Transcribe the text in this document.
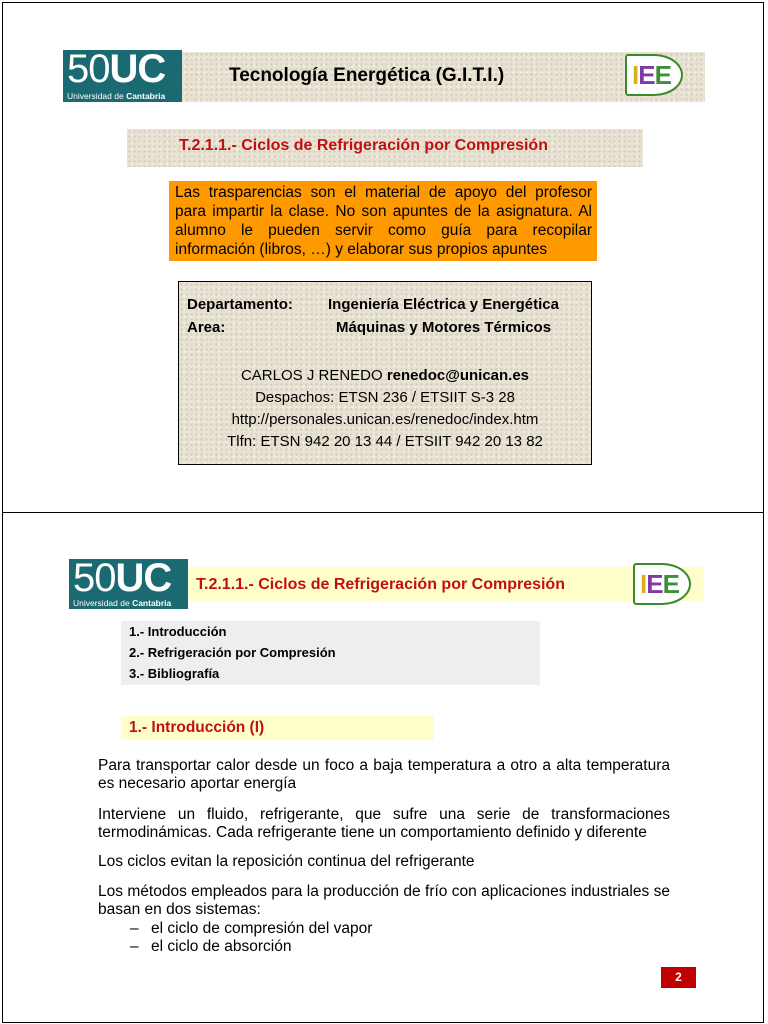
50UC
Universidad de Cantabria
Tecnología Energética (G.I.T.I.)	IEE
T.2.1.1.- Ciclos de Refrigeración por Compresión
Las trasparencias son el material de apoyo del profesor para impartir la clase. No son apuntes de la asignatura. Al alumno le pueden servir como guía para recopilar información (libros, …) y elaborar sus propios apuntes
Departamento: Ingeniería Eléctrica y Energética
Area:	Máquinas y Motores Térmicos
CARLOS J RENEDO renedoc@unican.es
Despachos: ETSN 236 / ETSIIT S-3 28
http://personales.unican.es/renedoc/index.htm
Tlfn: ETSN 942 20 13 44 / ETSIIT 942 20 13 82
50UC
Universidad de Cantabria
T.2.1.1.- Ciclos de Refrigeración por Compresión	IEE
1.- Introducción
2.- Refrigeración por Compresión
3.- Bibliografía
1.- Introducción (I)
Para transportar calor desde un foco a baja temperatura a otro a alta temperatura es necesario aportar energía
Interviene un fluido, refrigerante, que sufre una serie de transformaciones termodinámicas. Cada refrigerante tiene un comportamiento definido y diferente
Los ciclos evitan la reposición continua del refrigerante
Los métodos empleados para la producción de frío con aplicaciones industriales se basan en dos sistemas:
– el ciclo de compresión del vapor
– el ciclo de absorción
2
